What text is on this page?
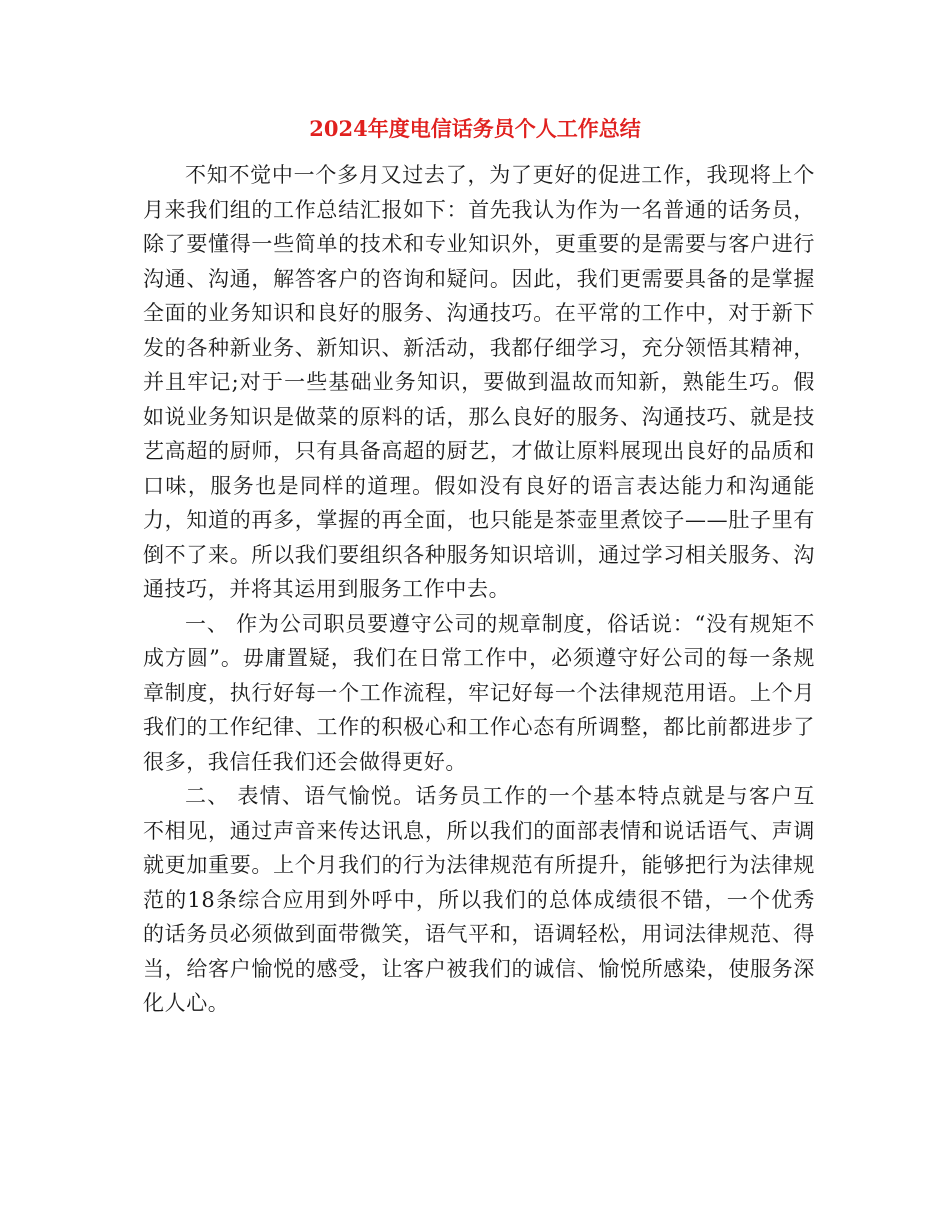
2024年度电信话务员个人工作总结

不知不觉中一个多月又过去了，为了更好的促进工作，我现将上个月来我们组的工作总结汇报如下：首先我认为作为一名普通的话务员，除了要懂得一些简单的技术和专业知识外，更重要的是需要与客户进行沟通、沟通，解答客户的咨询和疑问。因此，我们更需要具备的是掌握全面的业务知识和良好的服务、沟通技巧。在平常的工作中，对于新下发的各种新业务、新知识、新活动，我都仔细学习，充分领悟其精神，并且牢记;对于一些基础业务知识，要做到温故而知新，熟能生巧。假如说业务知识是做菜的原料的话，那么良好的服务、沟通技巧、就是技艺高超的厨师，只有具备高超的厨艺，才做让原料展现出良好的品质和口味，服务也是同样的道理。假如没有良好的语言表达能力和沟通能力，知道的再多，掌握的再全面，也只能是茶壶里煮饺子——肚子里有倒不了来。所以我们要组织各种服务知识培训，通过学习相关服务、沟通技巧，并将其运用到服务工作中去。

一、 作为公司职员要遵守公司的规章制度，俗话说：“没有规矩不成方圆”。毋庸置疑，我们在日常工作中，必须遵守好公司的每一条规章制度，执行好每一个工作流程，牢记好每一个法律规范用语。上个月我们的工作纪律、工作的积极心和工作心态有所调整，都比前都进步了很多，我信任我们还会做得更好。

二、 表情、语气愉悦。话务员工作的一个基本特点就是与客户互不相见，通过声音来传达讯息，所以我们的面部表情和说话语气、声调就更加重要。上个月我们的行为法律规范有所提升，能够把行为法律规范的18条综合应用到外呼中，所以我们的总体成绩很不错，一个优秀的话务员必须做到面带微笑，语气平和，语调轻松，用词法律规范、得当，给客户愉悦的感受，让客户被我们的诚信、愉悦所感染，使服务深化人心。
